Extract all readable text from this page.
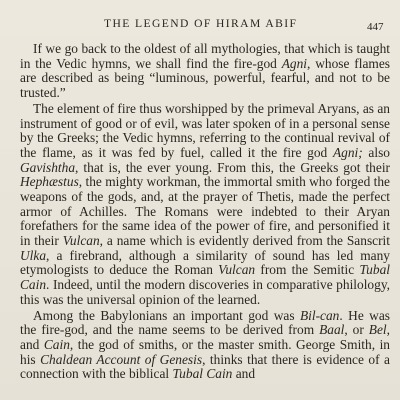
THE LEGEND OF HIRAM ABIF	447

If we go back to the oldest of all mythologies, that which is taught in the Vedic hymns, we shall find the fire-god Agni, whose flames are described as being “luminous, powerful, fearful, and not to be trusted.”

The element of fire thus worshipped by the primeval Aryans, as an instrument of good or of evil, was later spoken of in a personal sense by the Greeks; the Vedic hymns, referring to the continual revival of the flame, as it was fed by fuel, called it the fire god Agni; also Gavishtha, that is, the ever young. From this, the Greeks got their Hephæstus, the mighty workman, the immortal smith who forged the weapons of the gods, and, at the prayer of Thetis, made the perfect armor of Achilles. The Romans were indebted to their Aryan forefathers for the same idea of the power of fire, and personified it in their Vulcan, a name which is evidently derived from the Sanscrit Ulka, a firebrand, although a similarity of sound has led many etymologists to deduce the Roman Vulcan from the Semitic Tubal Cain. Indeed, until the modern discoveries in comparative philology, this was the universal opinion of the learned.

Among the Babylonians an important god was Bil-can. He was the fire-god, and the name seems to be derived from Baal, or Bel, and Cain, the god of smiths, or the master smith. George Smith, in his Chaldean Account of Genesis, thinks that there is evidence of a connection with the biblical Tubal Cain and
